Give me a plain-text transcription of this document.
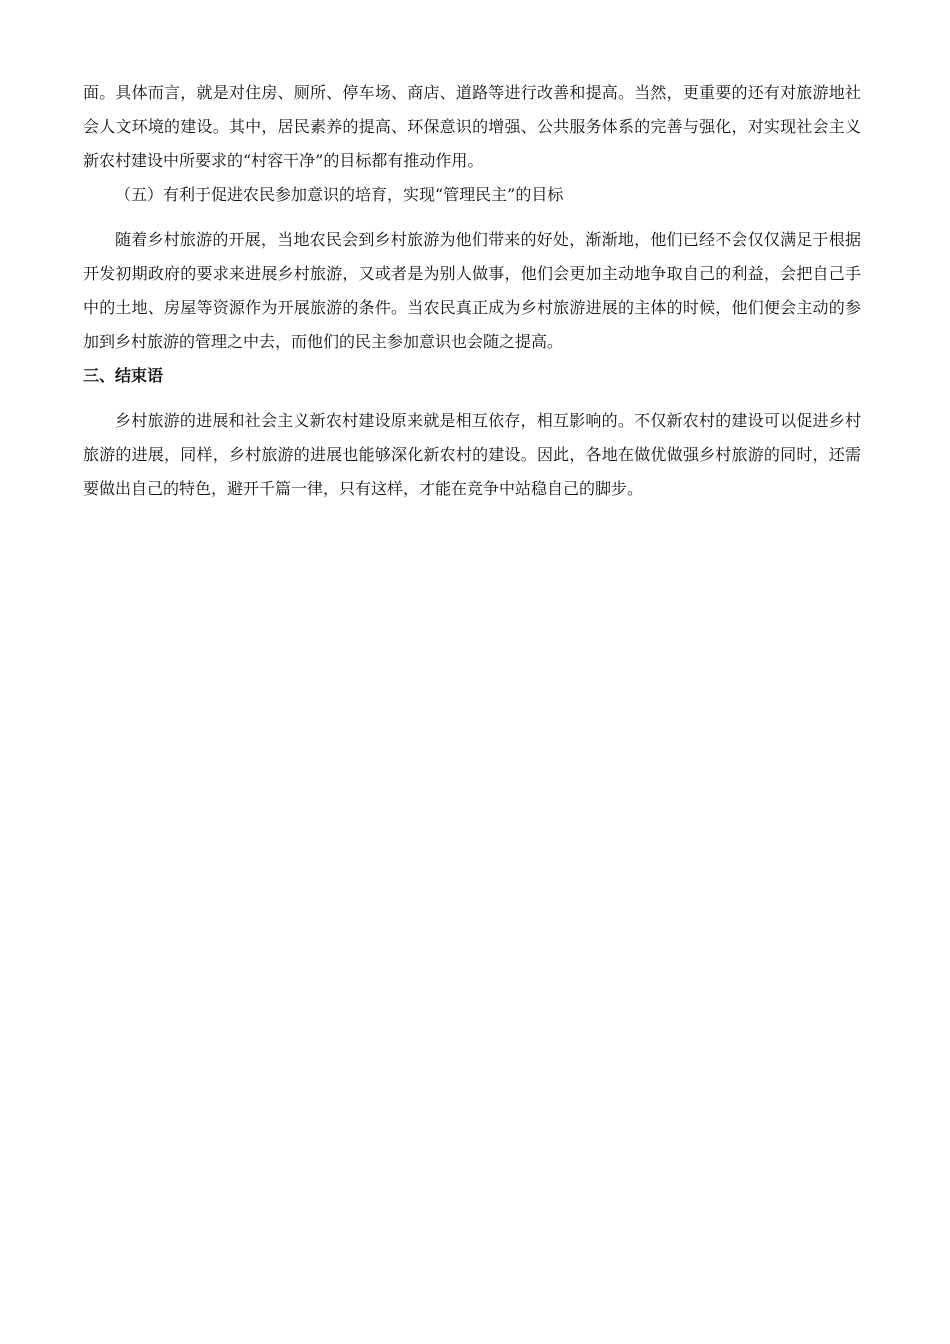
面。具体而言，就是对住房、厕所、停车场、商店、道路等进行改善和提高。当然，更重要的还有对旅游地社会人文环境的建设。其中，居民素养的提高、环保意识的增强、公共服务体系的完善与强化，对实现社会主义新农村建设中所要求的“村容干净”的目标都有推动作用。

（五）有利于促进农民参加意识的培育，实现“管理民主”的目标

随着乡村旅游的开展，当地农民会到乡村旅游为他们带来的好处，渐渐地，他们已经不会仅仅满足于根据开发初期政府的要求来进展乡村旅游，又或者是为别人做事，他们会更加主动地争取自己的利益，会把自己手中的土地、房屋等资源作为开展旅游的条件。当农民真正成为乡村旅游进展的主体的时候，他们便会主动的参加到乡村旅游的管理之中去，而他们的民主参加意识也会随之提高。

三、结束语

乡村旅游的进展和社会主义新农村建设原来就是相互依存，相互影响的。不仅新农村的建设可以促进乡村旅游的进展，同样，乡村旅游的进展也能够深化新农村的建设。因此，各地在做优做强乡村旅游的同时，还需要做出自己的特色，避开千篇一律，只有这样，才能在竞争中站稳自己的脚步。
